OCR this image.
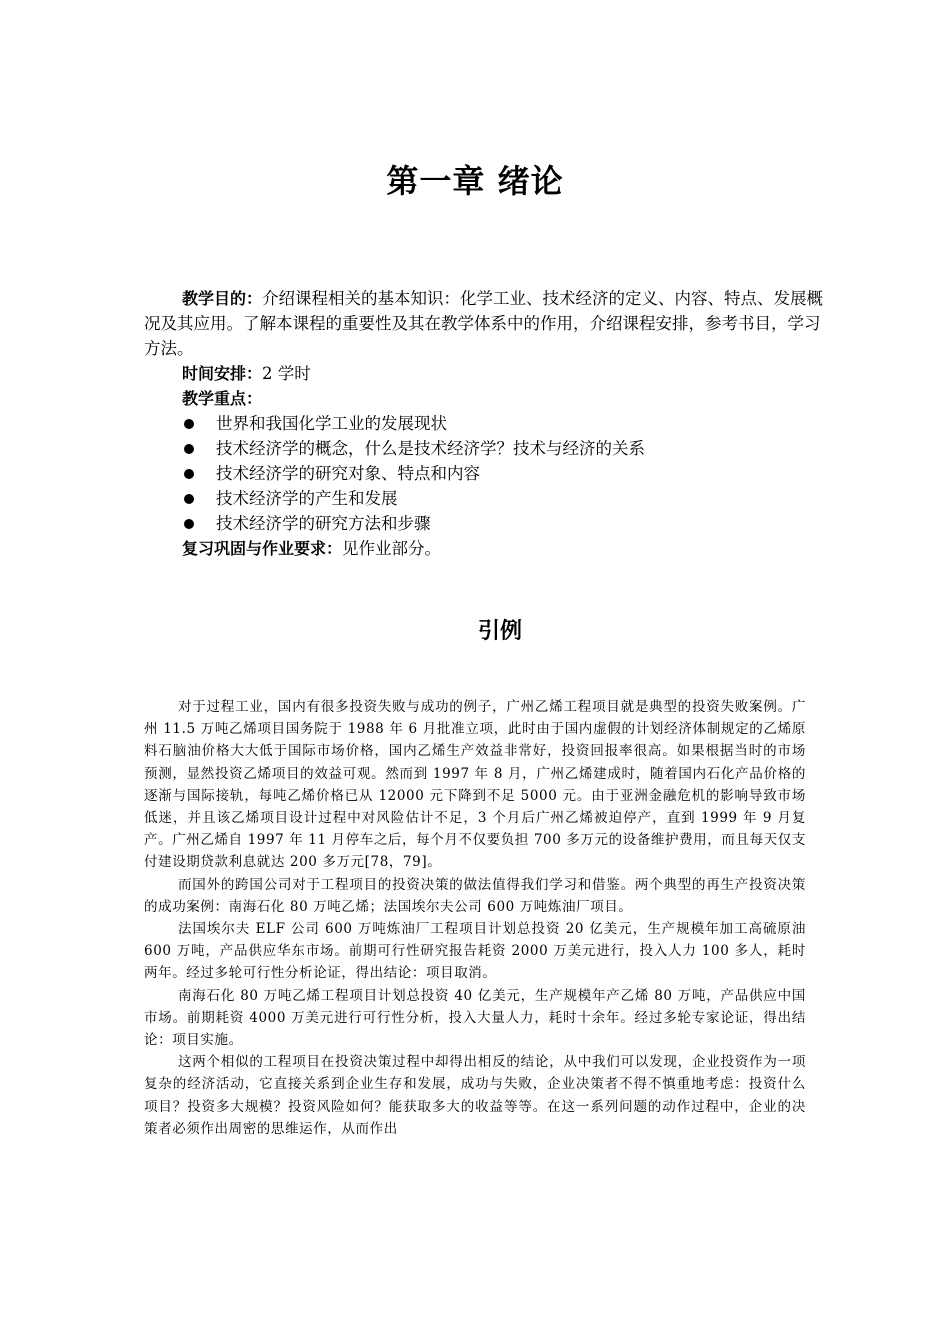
第一章 绪论

教学目的：介绍课程相关的基本知识：化学工业、技术经济的定义、内容、特点、发展概况及其应用。了解本课程的重要性及其在教学体系中的作用，介绍课程安排，参考书目，学习方法。

时间安排：2 学时

教学重点：

世界和我国化学工业的发展现状
技术经济学的概念，什么是技术经济学？技术与经济的关系
技术经济学的研究对象、特点和内容
技术经济学的产生和发展
技术经济学的研究方法和步骤

复习巩固与作业要求：见作业部分。

引例

对于过程工业，国内有很多投资失败与成功的例子，广州乙烯工程项目就是典型的投资失败案例。广州 11.5 万吨乙烯项目国务院于 1988 年 6 月批准立项，此时由于国内虚假的计划经济体制规定的乙烯原料石脑油价格大大低于国际市场价格，国内乙烯生产效益非常好，投资回报率很高。如果根据当时的市场预测，显然投资乙烯项目的效益可观。然而到 1997 年 8 月，广州乙烯建成时，随着国内石化产品价格的逐渐与国际接轨，每吨乙烯价格已从 12000 元下降到不足 5000 元。由于亚洲金融危机的影响导致市场低迷，并且该乙烯项目设计过程中对风险估计不足，3 个月后广州乙烯被迫停产，直到 1999 年 9 月复产。广州乙烯自 1997 年 11 月停车之后，每个月不仅要负担 700 多万元的设备维护费用，而且每天仅支付建设期贷款利息就达 200 多万元[78，79]。

而国外的跨国公司对于工程项目的投资决策的做法值得我们学习和借鉴。两个典型的再生产投资决策的成功案例：南海石化 80 万吨乙烯；法国埃尔夫公司 600 万吨炼油厂项目。

法国埃尔夫 ELF 公司 600 万吨炼油厂工程项目计划总投资 20 亿美元，生产规模年加工高硫原油 600 万吨，产品供应华东市场。前期可行性研究报告耗资 2000 万美元进行，投入人力 100 多人，耗时两年。经过多轮可行性分析论证，得出结论：项目取消。

南海石化 80 万吨乙烯工程项目计划总投资 40 亿美元，生产规模年产乙烯 80 万吨，产品供应中国市场。前期耗资 4000 万美元进行可行性分析，投入大量人力，耗时十余年。经过多轮专家论证，得出结论：项目实施。

这两个相似的工程项目在投资决策过程中却得出相反的结论，从中我们可以发现，企业投资作为一项复杂的经济活动，它直接关系到企业生存和发展，成功与失败，企业决策者不得不慎重地考虑：投资什么项目？投资多大规模？投资风险如何？能获取多大的收益等等。在这一系列问题的动作过程中，企业的决策者必须作出周密的思维运作，从而作出
